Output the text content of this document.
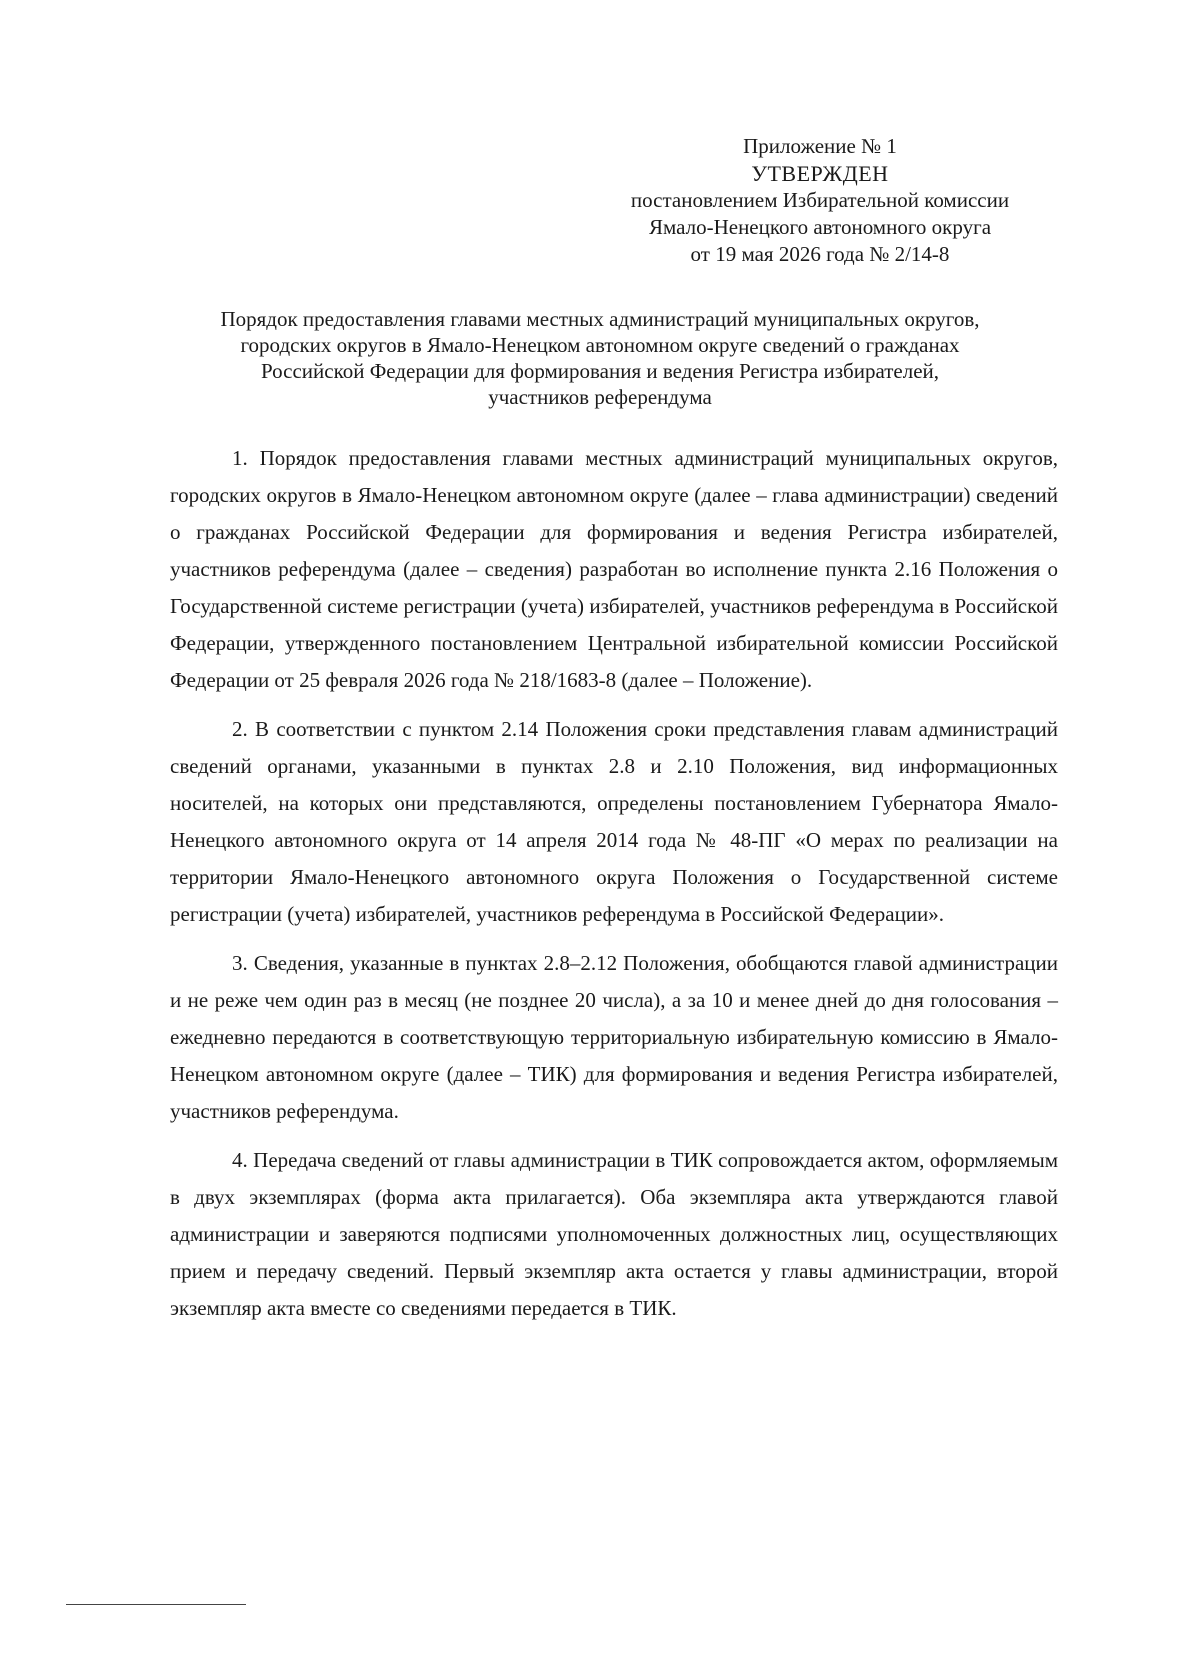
Приложение № 1
УТВЕРЖДЕН
постановлением Избирательной комиссии
Ямало-Ненецкого автономного округа
от 19 мая 2026 года № 2/14-8
Порядок предоставления главами местных администраций муниципальных округов,
городских округов в Ямало-Ненецком автономном округе сведений о гражданах
Российской Федерации для формирования и ведения Регистра избирателей,
участников референдума

1. Порядок предоставления главами местных администраций муниципальных округов, городских округов в Ямало-Ненецком автономном округе (далее – глава администрации) сведений о гражданах Российской Федерации для формирования и ведения Регистра избирателей, участников референдума (далее – сведения) разработан во исполнение пункта 2.16 Положения о Государственной системе регистрации (учета) избирателей, участников референдума в Российской Федерации, утвержденного постановлением Центральной избирательной комиссии Российской Федерации от 25 февраля 2026 года № 218/1683-8 (далее – Положение).

2. В соответствии с пунктом 2.14 Положения сроки представления главам администраций сведений органами, указанными в пунктах 2.8 и 2.10 Положения, вид информационных носителей, на которых они представляются, определены постановлением Губернатора Ямало-Ненецкого автономного округа от 14 апреля 2014 года № 48-ПГ «О мерах по реализации на территории Ямало-Ненецкого автономного округа Положения о Государственной системе регистрации (учета) избирателей, участников референдума в Российской Федерации».

3. Сведения, указанные в пунктах 2.8–2.12 Положения, обобщаются главой администрации и не реже чем один раз в месяц (не позднее 20 числа), а за 10 и менее дней до дня голосования – ежедневно передаются в соответствующую территориальную избирательную комиссию в Ямало-Ненецком автономном округе (далее – ТИК) для формирования и ведения Регистра избирателей, участников референдума.

4. Передача сведений от главы администрации в ТИК сопровождается актом, оформляемым в двух экземплярах (форма акта прилагается). Оба экземпляра акта утверждаются главой администрации и заверяются подписями уполномоченных должностных лиц, осуществляющих прием и передачу сведений. Первый экземпляр акта остается у главы администрации, второй экземпляр акта вместе со сведениями передается в ТИК.
